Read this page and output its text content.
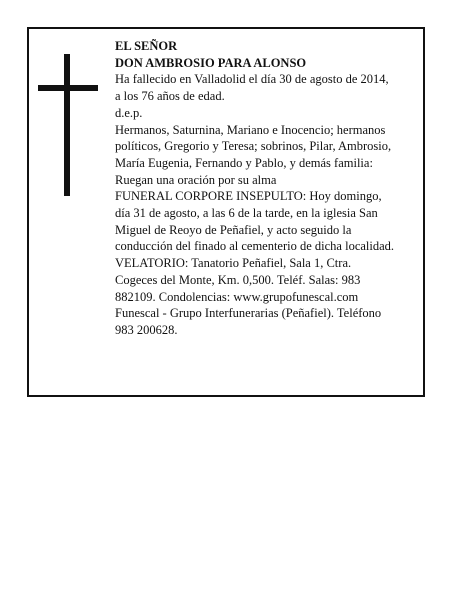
EL SEÑOR

DON AMBROSIO PARA ALONSO

Ha fallecido en Valladolid el día 30 de agosto de 2014,

a los 76 años de edad.

d.e.p.

Hermanos, Saturnina, Mariano e Inocencio; hermanos

políticos, Gregorio y Teresa; sobrinos, Pilar, Ambrosio,

María Eugenia, Fernando y Pablo, y demás familia:

Ruegan una oración por su alma

FUNERAL CORPORE INSEPULTO: Hoy domingo,

día 31 de agosto, a las 6 de la tarde, en la iglesia San

Miguel de Reoyo de Peñafiel, y acto seguido la

conducción del finado al cementerio de dicha localidad.

VELATORIO: Tanatorio Peñafiel, Sala 1, Ctra.

Cogeces del Monte, Km. 0,500. Teléf. Salas: 983

882109. Condolencias: www.grupofunescal.com

Funescal - Grupo Interfunerarias (Peñafiel). Teléfono

983 200628.
